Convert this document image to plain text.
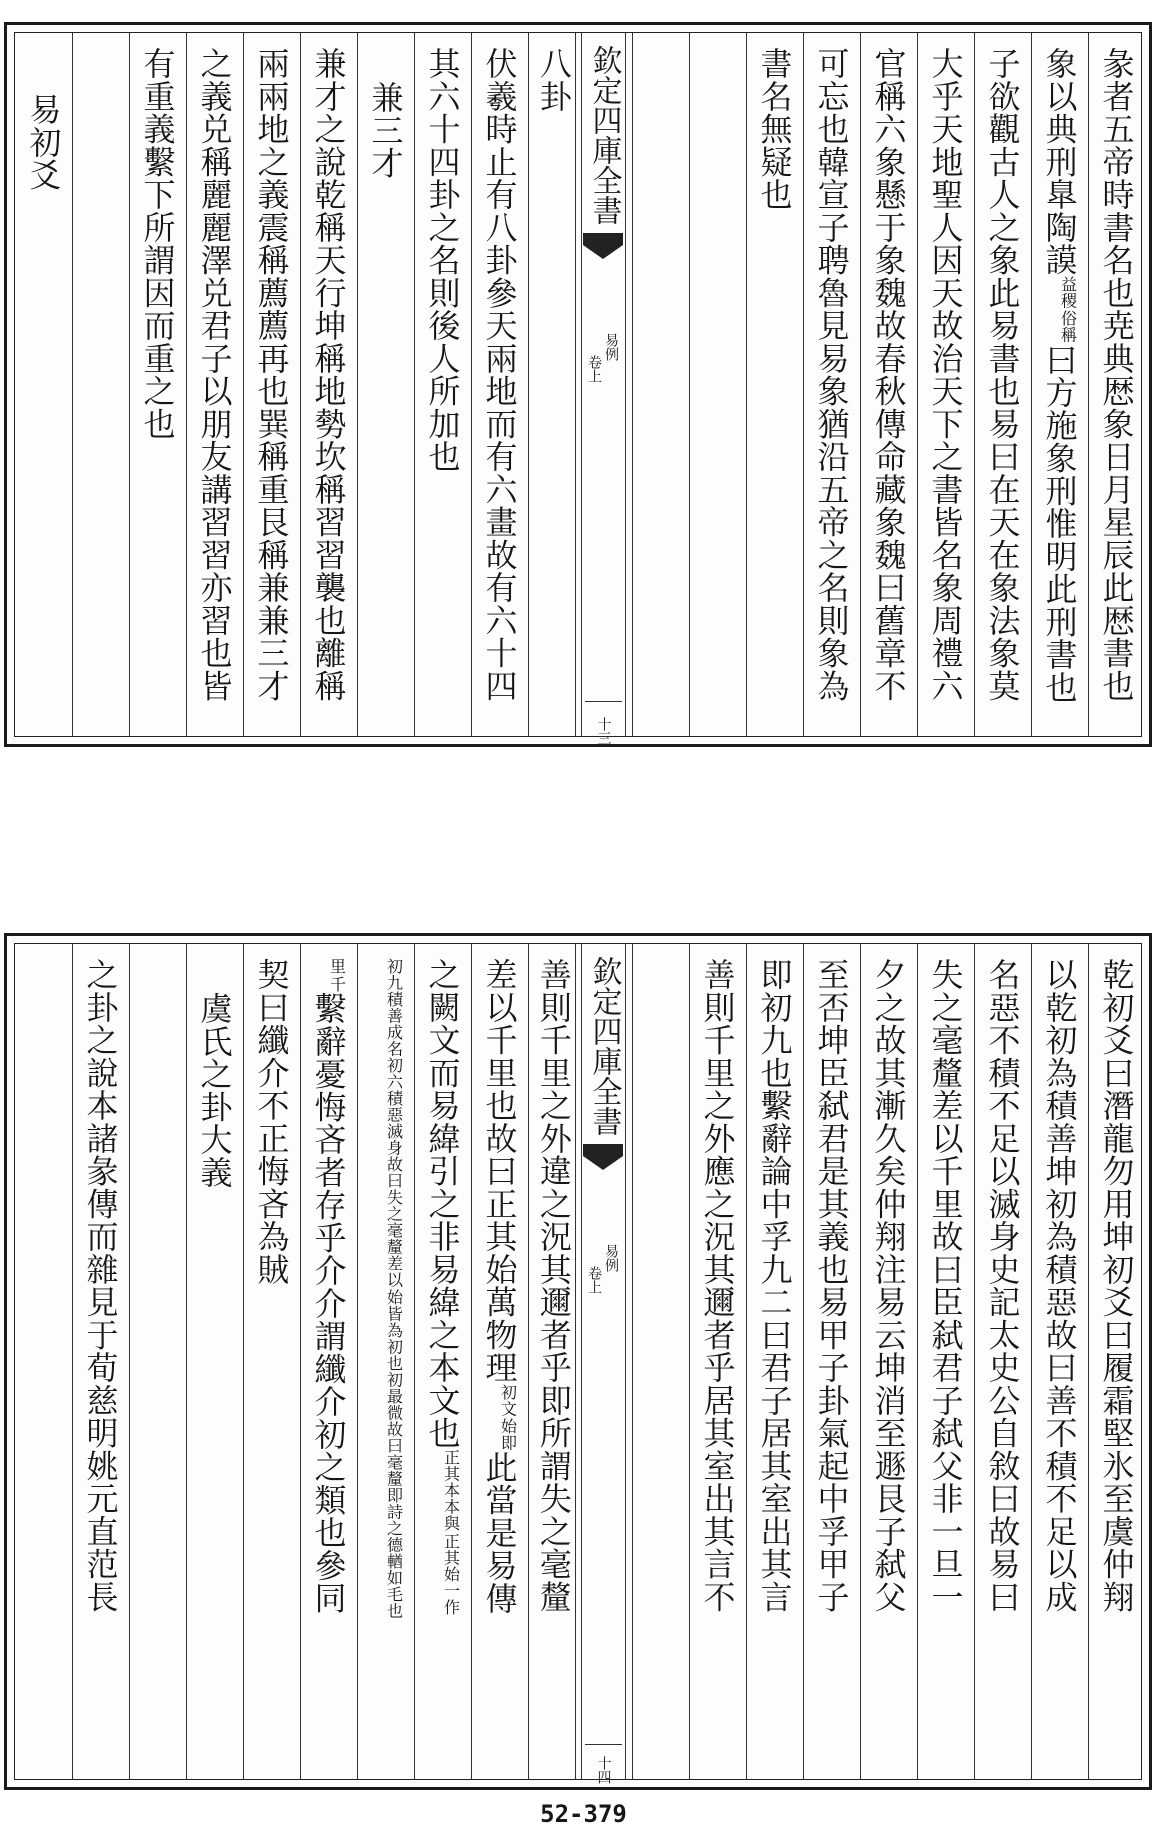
彖者五帝時書名也尭典厯象日月星辰此厯書也
象以典刑臯陶謨
俗稱
益稷
曰方施象刑惟明此刑書也
子欲觀古人之象此易書也易曰在天在象法象莫
大乎天地聖人因天故治天下之書皆名象周禮六
官稱六象懸于象魏故春秋傳命藏象魏曰舊章不
可忘也韓宣子聘魯見易象猶沿五帝之名則象為
書名無疑也
欽定四庫全書
易例
卷上
十三
八卦
伏羲時止有八卦參天兩地而有六畫故有六十四
其六十四卦之名則後人所加也
兼三才
兼才之說乾稱天行坤稱地勢坎稱習習襲也離稱
兩兩地之義震稱薦薦再也巽稱重艮稱兼兼三才
之義兑稱麗麗澤兑君子以朋友講習習亦習也皆
有重義繫下所謂因而重之也
易初爻
乾初爻曰潛龍勿用坤初爻曰履霜堅氷至虞仲翔
以乾初為積善坤初為積惡故曰善不積不足以成
名惡不積不足以滅身史記太史公自敘曰故易曰
失之毫釐差以千里故曰臣弑君子弑父非一旦一
夕之故其漸久矣仲翔注易云坤消至遯艮子弑父
至否坤臣弑君是其義也易甲子卦氣起中孚甲子
即初九也繫辭論中孚九二曰君子居其室出其言
善則千里之外應之況其邇者乎居其室出其言不
欽定四庫全書
易例
卷上
十四
善則千里之外違之況其邇者乎即所謂失之毫釐
差以千里也故曰正其始萬物理
始即
初文
此當是易傳
之闕文而易緯引之非易緯之本文也
正其始一作
正其本本與
始皆為初也初最微故曰毫釐即詩之德輶如毛也
初九積善成名初六積惡滅身故曰失之毫釐差以
千
里
繫辭憂悔吝者存乎介介謂纖介初之類也參同
契曰纖介不正悔吝為賊
虞氏之卦大義
之卦之說本諸彖傳而雜見于荀慈明姚元直范長
52-379
